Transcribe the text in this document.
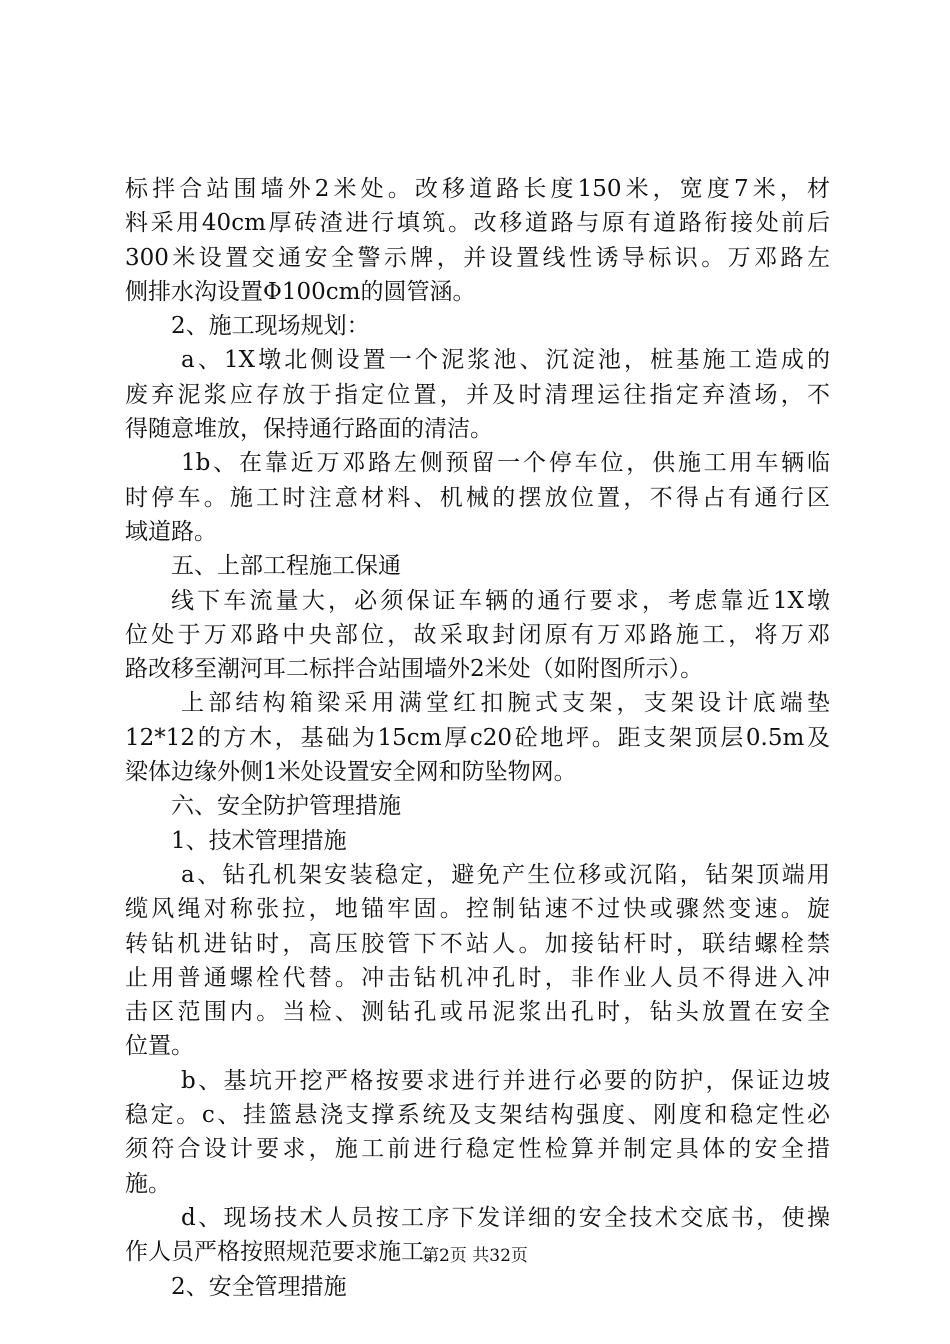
标拌合站围墙外2米处。改移道路长度150米，宽度7米，材
料采用40cm厚砖渣进行填筑。改移道路与原有道路衔接处前后
300米设置交通安全警示牌，并设置线性诱导标识。万邓路左
侧排水沟设置Φ100cm的圆管涵。
2、施工现场规划：
a、1X墩北侧设置一个泥浆池、沉淀池，桩基施工造成的
废弃泥浆应存放于指定位置，并及时清理运往指定弃渣场，不
得随意堆放，保持通行路面的清洁。
1b、在靠近万邓路左侧预留一个停车位，供施工用车辆临
时停车。施工时注意材料、机械的摆放位置，不得占有通行区
域道路。
五、上部工程施工保通
线下车流量大，必须保证车辆的通行要求，考虑靠近1X墩
位处于万邓路中央部位，故采取封闭原有万邓路施工，将万邓
路改移至潮河耳二标拌合站围墙外2米处（如附图所示）。
上部结构箱梁采用满堂红扣腕式支架，支架设计底端垫
12*12的方木，基础为15cm厚c20砼地坪。距支架顶层0.5m及
梁体边缘外侧1米处设置安全网和防坠物网。
六、安全防护管理措施
1、技术管理措施
a、钻孔机架安装稳定，避免产生位移或沉陷，钻架顶端用
缆风绳对称张拉，地锚牢固。控制钻速不过快或骤然变速。旋
转钻机进钻时，高压胶管下不站人。加接钻杆时，联结螺栓禁
止用普通螺栓代替。冲击钻机冲孔时，非作业人员不得进入冲
击区范围内。当检、测钻孔或吊泥浆出孔时，钻头放置在安全
位置。
b、基坑开挖严格按要求进行并进行必要的防护，保证边坡
稳定。c、挂篮悬浇支撑系统及支架结构强度、刚度和稳定性必
须符合设计要求，施工前进行稳定性检算并制定具体的安全措
施。
d、现场技术人员按工序下发详细的安全技术交底书，使操
作人员严格按照规范要求施工。
2、安全管理措施
第2页 共32页
